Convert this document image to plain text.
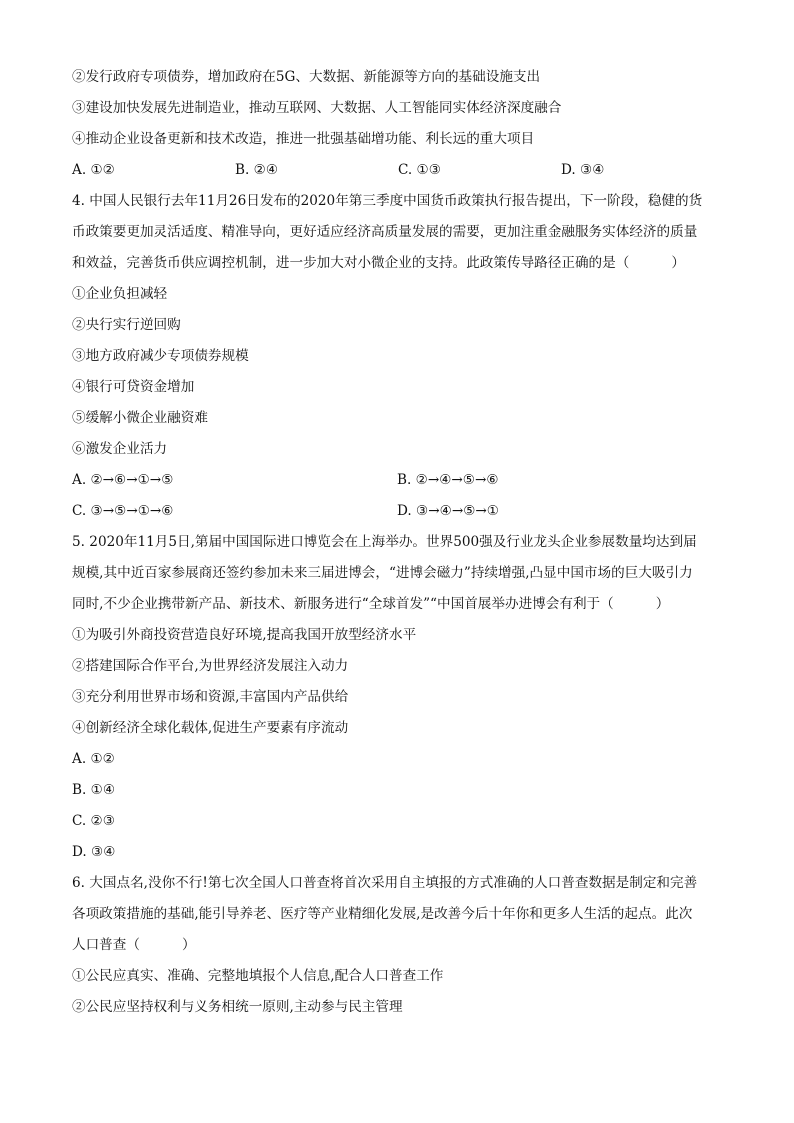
②发行政府专项债券，增加政府在5G、大数据、新能源等方向的基础设施支出
③建设加快发展先进制造业，推动互联网、大数据、人工智能同实体经济深度融合
④推动企业设备更新和技术改造，推进一批强基础增功能、利长远的重大项目
A. ①②	B. ②④	C. ①③	D. ③④
4. 中国人民银行去年11月26日发布的2020年第三季度中国货币政策执行报告提出，下一阶段，稳健的货
币政策要更加灵活适度、精准导向，更好适应经济高质量发展的需要，更加注重金融服务实体经济的质量
和效益，完善货币供应调控机制，进一步加大对小微企业的支持。此政策传导路径正确的是（	）
①企业负担减轻
②央行实行逆回购
③地方政府减少专项债券规模
④银行可贷资金增加
⑤缓解小微企业融资难
⑥激发企业活力
A. ②→⑥→①→⑤	B. ②→④→⑤→⑥
C. ③→⑤→①→⑥	D. ③→④→⑤→①
5. 2020年11月5日,第届中国国际进口博览会在上海举办。世界500强及行业龙头企业参展数量均达到届
规模,其中近百家参展商还签约参加未来三届进博会，“进博会磁力”持续增强,凸显中国市场的巨大吸引力
同时,不少企业携带新产品、新技术、新服务进行“全球首发”“中国首展举办进博会有利于（	）
①为吸引外商投资营造良好环境,提高我国开放型经济水平
②搭建国际合作平台,为世界经济发展注入动力
③充分利用世界市场和资源,丰富国内产品供给
④创新经济全球化载体,促进生产要素有序流动
A. ①②
B. ①④
C. ②③
D. ③④
6. 大国点名,没你不行!第七次全国人口普查将首次采用自主填报的方式准确的人口普查数据是制定和完善
各项政策措施的基础,能引导养老、医疗等产业精细化发展,是改善今后十年你和更多人生活的起点。此次
人口普查（	）
①公民应真实、准确、完整地填报个人信息,配合人口普查工作
②公民应坚持权利与义务相统一原则,主动参与民主管理
